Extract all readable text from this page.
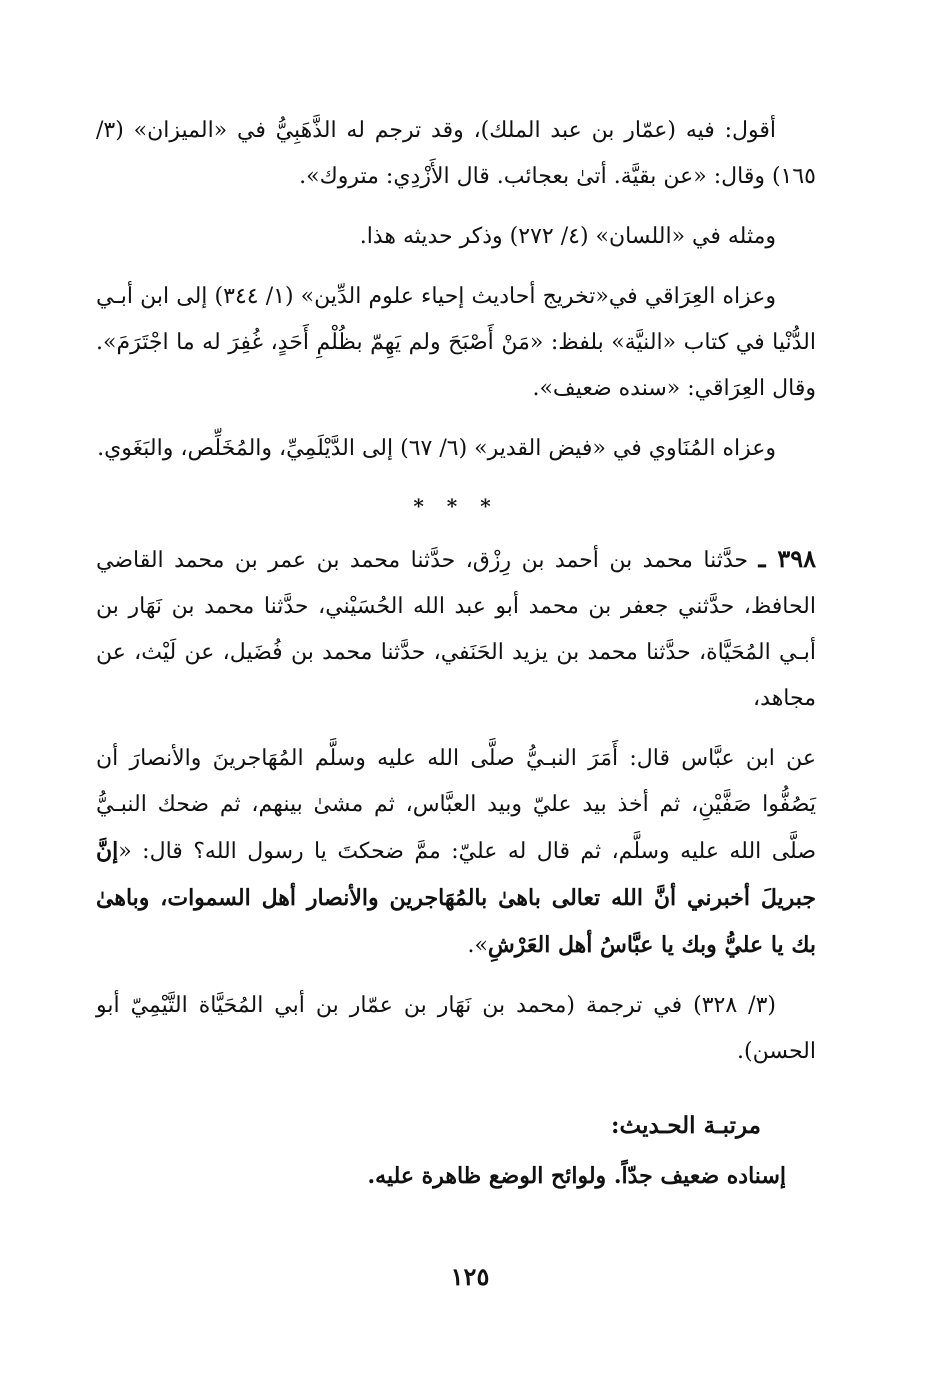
أقول: فيه (عمّار بن عبد الملك)، وقد ترجم له الذَّهَبِيُّ في «الميزان» (٣/ ١٦٥) وقال: «عن بقيَّة. أتىٰ بعجائب. قال الأَزْدِي: متروك».

ومثله في «اللسان» (٤/ ٢٧٢) وذكر حديثه هذا.

وعزاه العِرَاقي في«تخريج أحاديث إحياء علوم الدِّين» (١/ ٣٤٤) إلى ابن أبـي الدُّنْيا في كتاب «النيَّة» بلفظ: «مَنْ أَصْبَحَ ولم يَهِمّ بظُلْمِ أَحَدٍ، غُفِرَ له ما اجْتَرَمَ». وقال العِرَاقي: «سنده ضعيف».

وعزاه المُنَاوي في «فيض القدير» (٦/ ٦٧) إلى الدَّيْلَمِيِّ، والمُخَلِّص، والبَغَوي.

* * *

٣٩٨ ـ حدَّثنا محمد بن أحمد بن رِزْق، حدَّثنا محمد بن عمر بن محمد القاضي الحافظ، حدَّثني جعفر بن محمد أبو عبد الله الحُسَيْني، حدَّثنا محمد بن نَهَار بن أبـي المُحَيَّاة، حدَّثنا محمد بن يزيد الحَنَفي، حدَّثنا محمد بن فُضَيل، عن لَيْث، عن مجاهد،

عن ابن عبَّاس قال: أَمَرَ النبـيُّ صلَّى الله عليه وسلَّم المُهَاجرينَ والأنصارَ أن يَصُفُّوا صَفَّيْنِ، ثم أخذ بيد عليّ وبيد العبَّاس، ثم مشىٰ بينهم، ثم ضحك النبـيُّ صلَّى الله عليه وسلَّم، ثم قال له عليّ: ممَّ ضحكتَ يا رسول الله؟ قال: «إنَّ جبريلَ أخبرني أنَّ الله تعالى باهىٰ بالمُهَاجرين والأنصار أهل السموات، وباهىٰ بك يا عليُّ وبك يا عبَّاسُ أهل العَرْشِ».

(٣/ ٣٢٨) في ترجمة (محمد بن نَهَار بن عمّار بن أبي المُحَيَّاة التَّيْمِيّ أبو الحسن).

مرتبـة الحـديث:

إسناده ضعيف جدّاً. ولوائح الوضع ظاهرة عليه.

١٢٥
